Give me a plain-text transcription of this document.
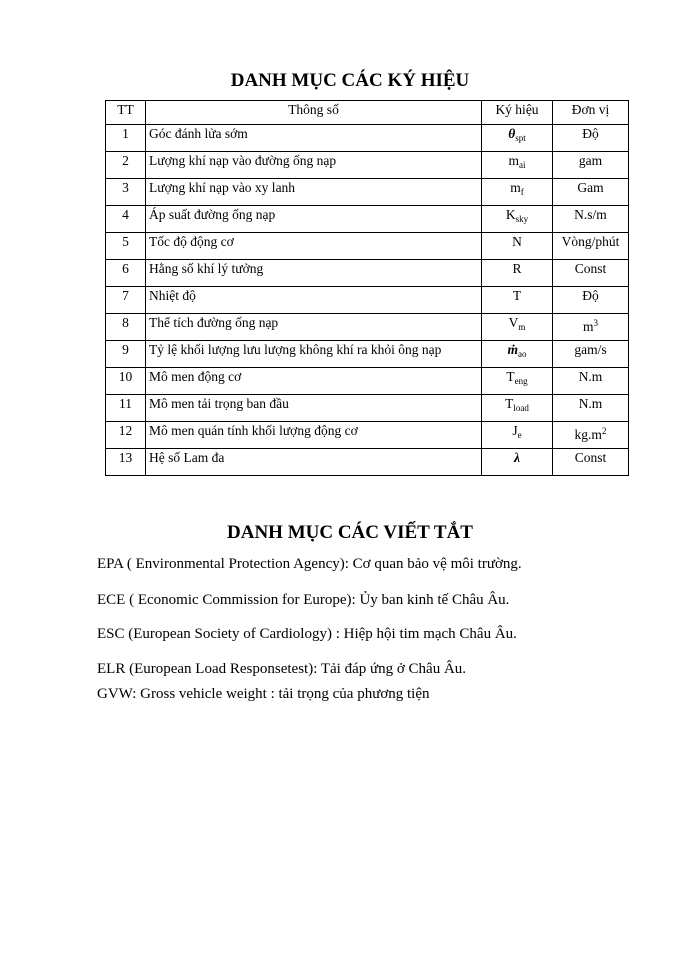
DANH MỤC CÁC KÝ HIỆU
TT	Thông số	Ký hiệu	Đơn vị
1	Góc đánh lửa sớm	$\theta_{spt}$	Độ
2	Lượng khí nạp vào đường ống nạp	$m_{ai}$	gam
3	Lượng khí nạp vào xy lanh	$m_f$	Gam
4	Áp suất đường ống nạp	$K_{sky}$	N.s/m
5	Tốc độ động cơ	N	Vòng/phút
6	Hằng số khí lý tưởng	R	Const
7	Nhiệt độ	T	Độ
8	Thể tích đường ống nạp	$V_m$	$m^3$
9	Tỷ lệ khối lượng lưu lượng không khí ra khỏi ông nạp	ṁ$_{ao}$	gam/s
10	Mô men động cơ	$T_{eng}$	N.m
11	Mô men tải trọng ban đầu	$T_{load}$	N.m
12	Mô men quán tính khối lượng động cơ	$J_e$	$kg.m^2$
13	Hệ số Lam đa	λ	Const
DANH MỤC CÁC VIẾT TẮT

EPA ( Environmental Protection Agency): Cơ quan bảo vệ môi trường.

ECE ( Economic Commission for Europe): Ủy ban kinh tế Châu Âu.

ESC (European Society of Cardiology) : Hiệp hội tim mạch Châu Âu.

ELR (European Load Responsetest): Tải đáp ứng ở Châu Âu.

GVW: Gross vehicle weight : tải trọng của phương tiện
